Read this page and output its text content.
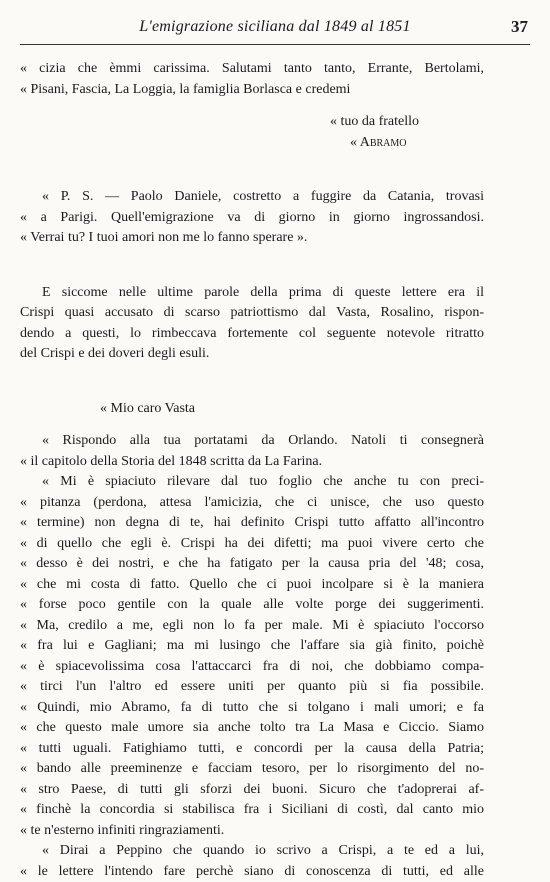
L'emigrazione siciliana dal 1849 al 1851	37
« cizia che èmmi carissima. Salutami tanto tanto, Errante, Bertolami,
« Pisani, Fascia, La Loggia, la famiglia Borlasca e credemi
« tuo da fratello
« Abramo
« P. S. — Paolo Daniele, costretto a fuggire da Catania, trovasi
« a Parigi. Quell'emigrazione va di giorno in giorno ingrossandosi.
« Verrai tu? I tuoi amori non me lo fanno sperare ».
E siccome nelle ultime parole della prima di queste lettere era il
Crispi quasi accusato di scarso patriottismo dal Vasta, Rosalino, rispon-
dendo a questi, lo rimbeccava fortemente col seguente notevole ritratto
del Crispi e dei doveri degli esuli.
« Mio caro Vasta
« Rispondo alla tua portatami da Orlando. Natoli ti consegnerà
« il capitolo della Storia del 1848 scritta da La Farina.
« Mi è spiaciuto rilevare dal tuo foglio che anche tu con preci-
« pitanza (perdona, attesa l'amicizia, che ci unisce, che uso questo
« termine) non degna di te, hai definito Crispi tutto affatto all'incontro
« di quello che egli è. Crispi ha dei difetti; ma puoi vivere certo che
« desso è dei nostri, e che ha fatigato per la causa pria del '48; cosa,
« che mi costa di fatto. Quello che ci puoi incolpare si è la maniera
« forse poco gentile con la quale alle volte porge dei suggerimenti.
« Ma, credilo a me, egli non lo fa per male. Mi è spiaciuto l'occorso
« fra lui e Gagliani; ma mi lusingo che l'affare sia già finito, poichè
« è spiacevolissima cosa l'attaccarci fra di noi, che dobbiamo compa-
« tirci l'un l'altro ed essere uniti per quanto più si fia possibile.
« Quindi, mio Abramo, fa di tutto che si tolgano i mali umori; e fa
« che questo male umore sia anche tolto tra La Masa e Ciccio. Siamo
« tutti uguali. Fatighiamo tutti, e concordi per la causa della Patria;
« bando alle preeminenze e facciam tesoro, per lo risorgimento del no-
« stro Paese, di tutti gli sforzi dei buoni. Sicuro che t'adoprerai af-
« finchè la concordia si stabilisca fra i Siciliani di costì, dal canto mio
« te n'esterno infiniti ringraziamenti.
« Dirai a Peppino che quando io scrivo a Crispi, a te ed a lui,
« le lettere l'intendo fare perchè siano di conoscenza di tutti, ed alle
